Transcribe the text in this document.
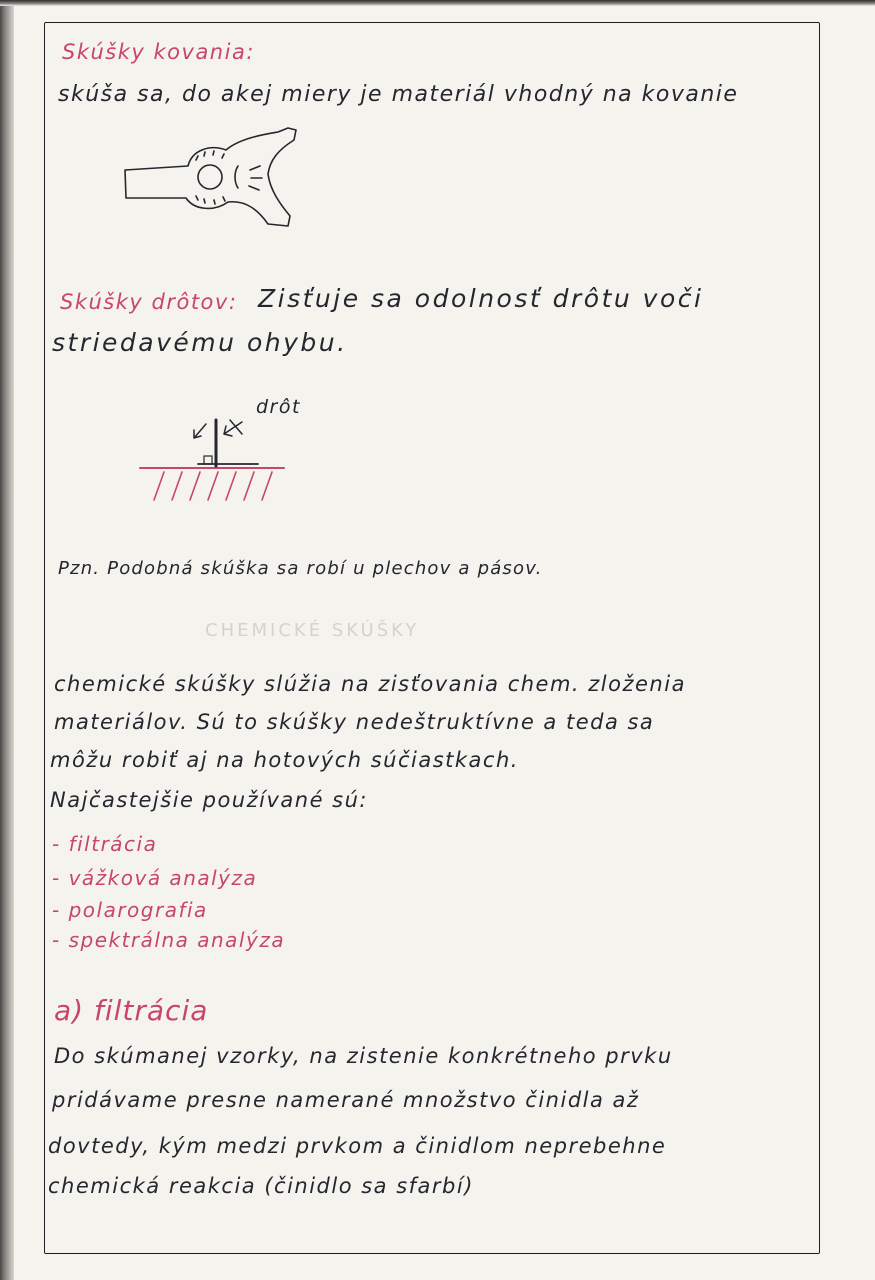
Skúšky kovania:
skúša sa, do akej miery je materiál vhodný na kovanie
Skúšky drôtov: Zisťuje sa odolnosť drôtu voči
striedavému ohybu.
drôt
Pzn. Podobná skúška sa robí u plechov a pásov.
CHEMICKÉ SKÚŠKY
chemické skúšky slúžia na zisťovania chem. zloženia
materiálov. Sú to skúšky nedeštruktívne a teda sa
môžu robiť aj na hotových súčiastkach.
Najčastejšie používané sú:
- filtrácia
- vážková analýza
- polarografia
- spektrálna analýza
a) filtrácia
Do skúmanej vzorky, na zistenie konkrétneho prvku
pridávame presne namerané množstvo činidla až
dovtedy, kým medzi prvkom a činidlom neprebehne
chemická reakcia (činidlo sa sfarbí)
